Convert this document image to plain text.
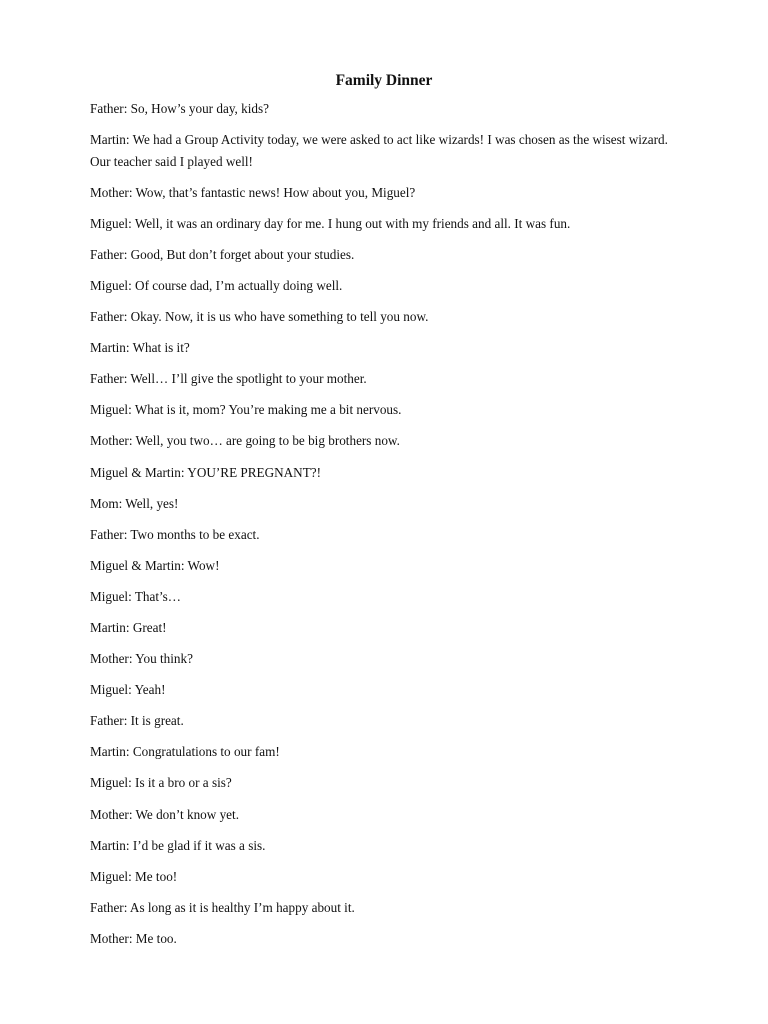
Family Dinner

Father: So, How’s your day, kids?

Martin: We had a Group Activity today, we were asked to act like wizards! I was chosen as the wisest wizard. Our teacher said I played well!

Mother: Wow, that’s fantastic news! How about you, Miguel?

Miguel: Well, it was an ordinary day for me. I hung out with my friends and all. It was fun.

Father: Good, But don’t forget about your studies.

Miguel: Of course dad, I’m actually doing well.

Father: Okay. Now, it is us who have something to tell you now.

Martin: What is it?

Father: Well… I’ll give the spotlight to your mother.

Miguel: What is it, mom? You’re making me a bit nervous.

Mother: Well, you two… are going to be big brothers now.

Miguel & Martin: YOU’RE PREGNANT?!

Mom: Well, yes!

Father: Two months to be exact.

Miguel & Martin: Wow!

Miguel: That’s…

Martin: Great!

Mother: You think?

Miguel: Yeah!

Father: It is great.

Martin: Congratulations to our fam!

Miguel: Is it a bro or a sis?

Mother: We don’t know yet.

Martin: I’d be glad if it was a sis.

Miguel: Me too!

Father: As long as it is healthy I’m happy about it.

Mother: Me too.
